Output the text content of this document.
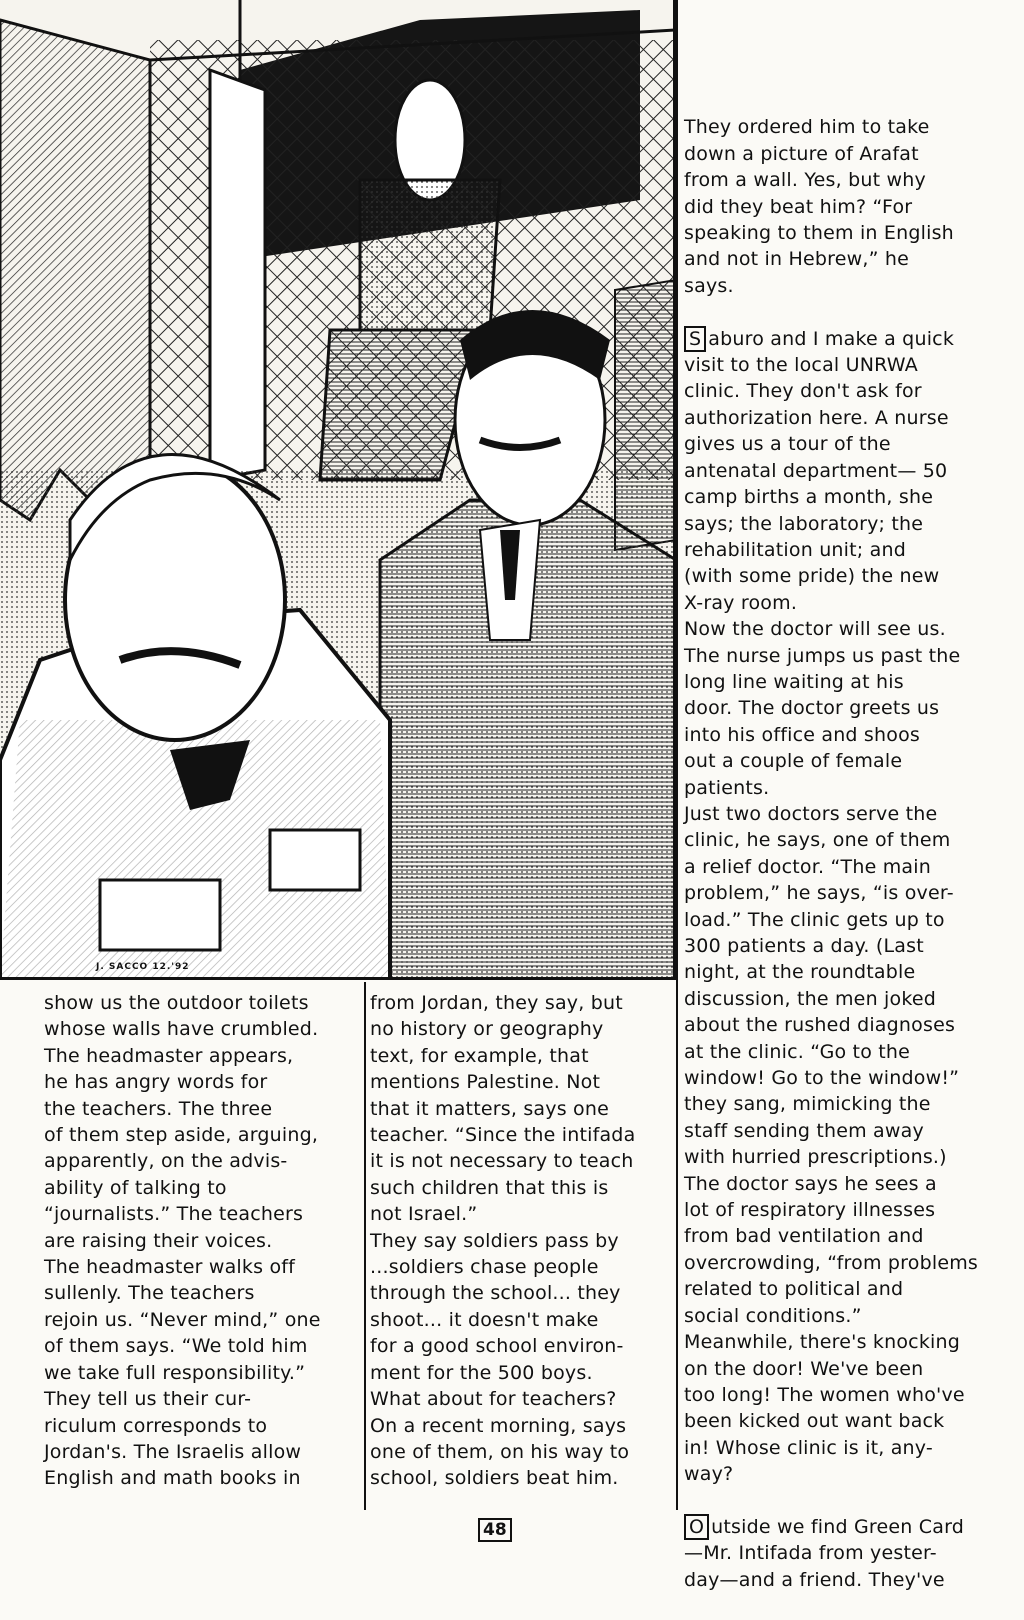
J. SACCO 12.'92

They ordered him to take
down a picture of Arafat
from a wall. Yes, but why
did they beat him? “For
speaking to them in English
and not in Hebrew,” he
says.

S aburo and I make a quick
visit to the local UNRWA
clinic. They don't ask for
authorization here. A nurse
gives us a tour of the
antenatal department— 50
camp births a month, she
says; the laboratory; the
rehabilitation unit; and
(with some pride) the new
X-ray room.
Now the doctor will see us.
The nurse jumps us past the
long line waiting at his
door. The doctor greets us
into his office and shoos
out a couple of female
patients.
Just two doctors serve the
clinic, he says, one of them
a relief doctor. “The main
problem,” he says, “is over-
load.” The clinic gets up to
300 patients a day. (Last
night, at the roundtable
discussion, the men joked
about the rushed diagnoses
at the clinic. “Go to the
window! Go to the window!”
they sang, mimicking the
staff sending them away
with hurried prescriptions.)
The doctor says he sees a
lot of respiratory illnesses
from bad ventilation and
overcrowding, “from problems
related to political and
social conditions.”
Meanwhile, there's knocking
on the door! We've been
too long! The women who've
been kicked out want back
in! Whose clinic is it, any-
way?

O utside we find Green Card
—Mr. Intifada from yester-
day—and a friend. They've

show us the outdoor toilets
whose walls have crumbled.
The headmaster appears,
he has angry words for
the teachers. The three
of them step aside, arguing,
apparently, on the advis-
ability of talking to
“journalists.” The teachers
are raising their voices.
The headmaster walks off
sullenly. The teachers
rejoin us. “Never mind,” one
of them says. “We told him
we take full responsibility.”
They tell us their cur-
riculum corresponds to
Jordan's. The Israelis allow
English and math books in
from Jordan, they say, but
no history or geography
text, for example, that
mentions Palestine. Not
that it matters, says one
teacher. “Since the intifada
it is not necessary to teach
such children that this is
not Israel.”
They say soldiers pass by
...soldiers chase people
through the school... they
shoot... it doesn't make
for a good school environ-
ment for the 500 boys.
What about for teachers?
On a recent morning, says
one of them, on his way to
school, soldiers beat him.
48
